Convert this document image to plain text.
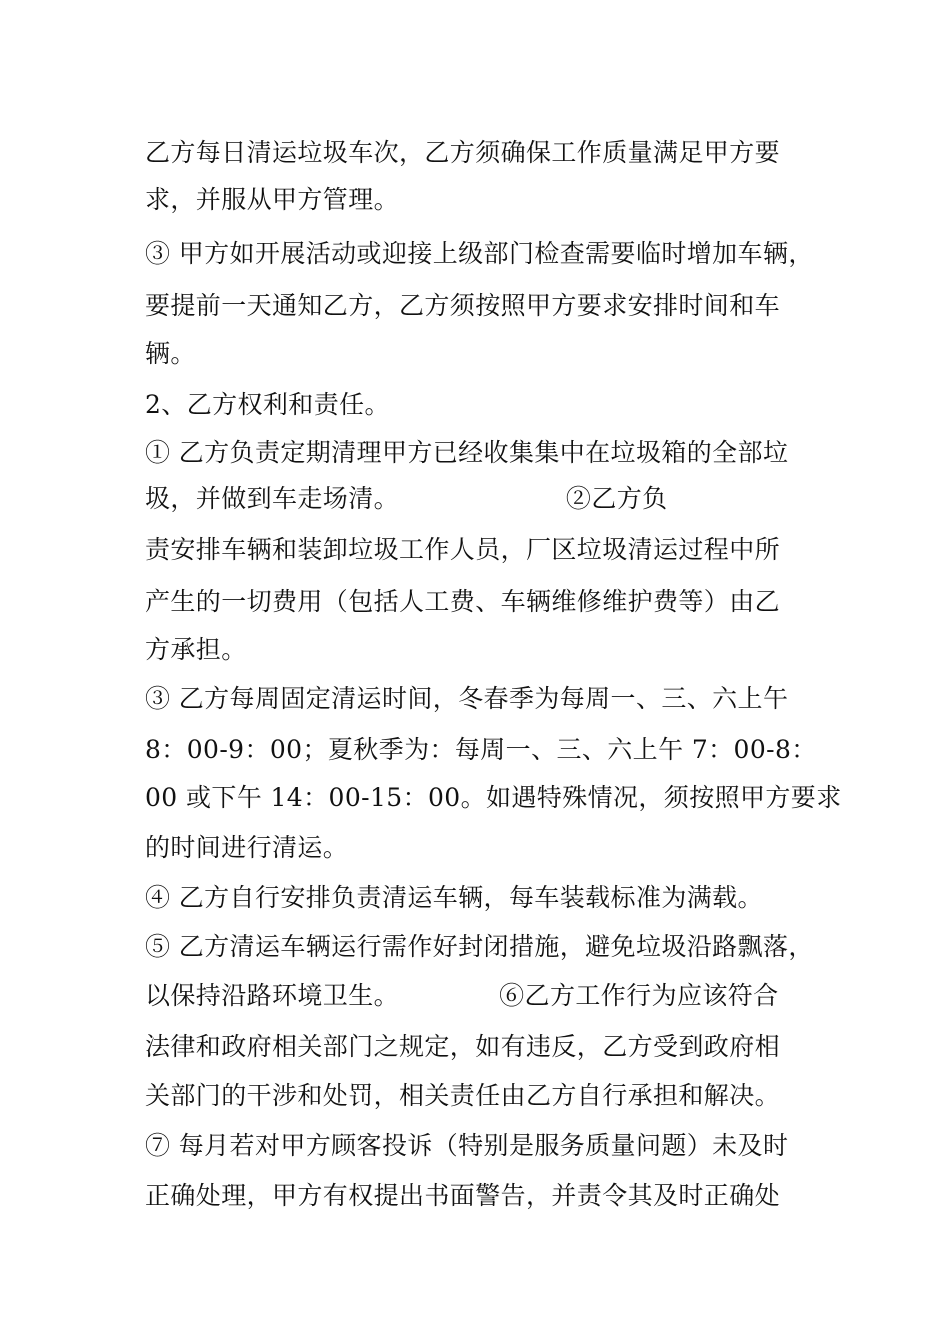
乙方每日清运垃圾车次，乙方须确保工作质量满足甲方要
求，并服从甲方管理。
③ 甲方如开展活动或迎接上级部门检查需要临时增加车辆，
要提前一天通知乙方，乙方须按照甲方要求安排时间和车
辆。
2、乙方权利和责任。
① 乙方负责定期清理甲方已经收集集中在垃圾箱的全部垃
圾，并做到车走场清。                    ②乙方负
责安排车辆和装卸垃圾工作人员，厂区垃圾清运过程中所
产生的一切费用（包括人工费、车辆维修维护费等）由乙
方承担。
③ 乙方每周固定清运时间，冬春季为每周一、三、六上午
8：00-9：00；夏秋季为：每周一、三、六上午 7：00-8：
00 或下午 14：00-15：00。如遇特殊情况，须按照甲方要求
的时间进行清运。
④ 乙方自行安排负责清运车辆，每车装载标准为满载。
⑤ 乙方清运车辆运行需作好封闭措施，避免垃圾沿路飘落，
以保持沿路环境卫生。            ⑥乙方工作行为应该符合
法律和政府相关部门之规定，如有违反，乙方受到政府相
关部门的干涉和处罚，相关责任由乙方自行承担和解决。
⑦ 每月若对甲方顾客投诉（特别是服务质量问题）未及时
正确处理，甲方有权提出书面警告，并责令其及时正确处
